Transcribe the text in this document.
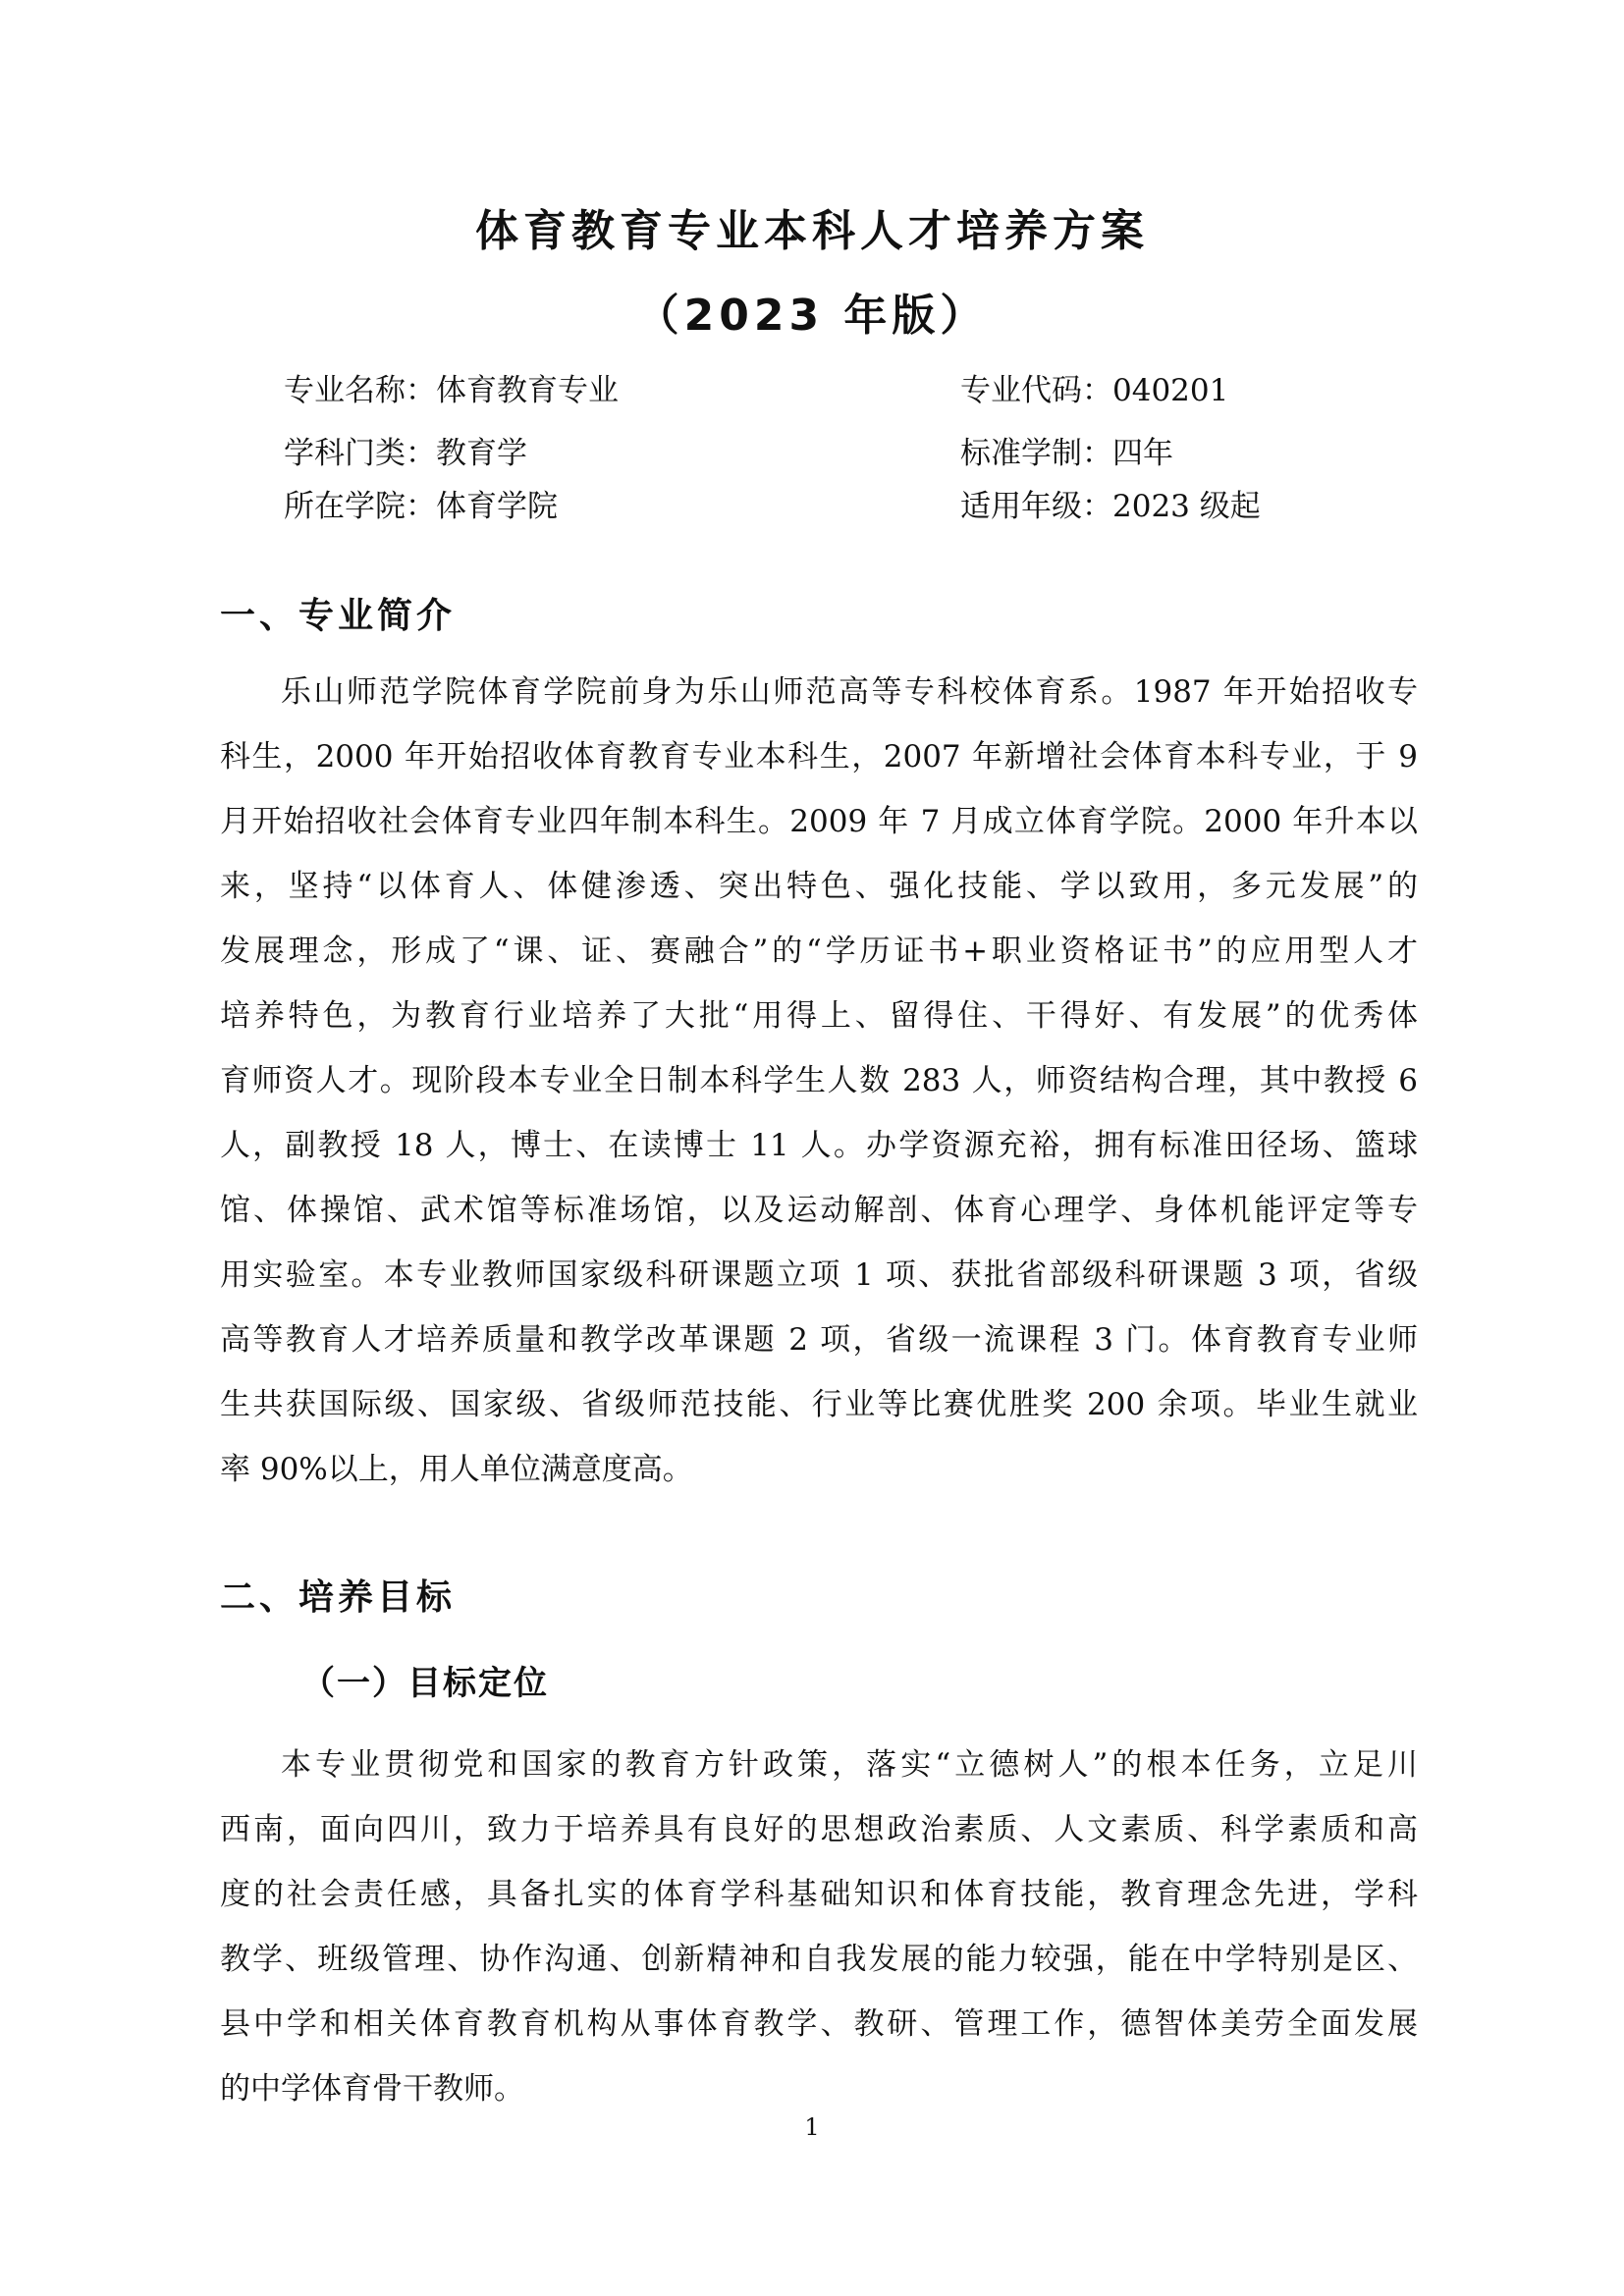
体育教育专业本科人才培养方案
（2023 年版）
专业名称：体育教育专业	专业代码：040201
学科门类：教育学	标准学制：四年
所在学院：体育学院	适用年级：2023 级起
一、专业简介
乐山师范学院体育学院前身为乐山师范高等专科校体育系。1987 年开始招收专
科生，2000 年开始招收体育教育专业本科生，2007 年新增社会体育本科专业，于 9
月开始招收社会体育专业四年制本科生。2009 年 7 月成立体育学院。2000 年升本以
来，坚持“以体育人、体健渗透、突出特色、强化技能、学以致用，多元发展”的
发展理念，形成了“课、证、赛融合”的“学历证书+职业资格证书”的应用型人才
培养特色，为教育行业培养了大批“用得上、留得住、干得好、有发展”的优秀体
育师资人才。现阶段本专业全日制本科学生人数 283 人，师资结构合理，其中教授 6
人，副教授 18 人，博士、在读博士 11 人。办学资源充裕，拥有标准田径场、篮球
馆、体操馆、武术馆等标准场馆，以及运动解剖、体育心理学、身体机能评定等专
用实验室。本专业教师国家级科研课题立项 1 项、获批省部级科研课题 3 项，省级
高等教育人才培养质量和教学改革课题 2 项，省级一流课程 3 门。体育教育专业师
生共获国际级、国家级、省级师范技能、行业等比赛优胜奖 200 余项。毕业生就业
率 90%以上，用人单位满意度高。
二、培养目标
（一）目标定位
本专业贯彻党和国家的教育方针政策，落实“立德树人”的根本任务，立足川
西南，面向四川，致力于培养具有良好的思想政治素质、人文素质、科学素质和高
度的社会责任感，具备扎实的体育学科基础知识和体育技能，教育理念先进，学科
教学、班级管理、协作沟通、创新精神和自我发展的能力较强，能在中学特别是区、
县中学和相关体育教育机构从事体育教学、教研、管理工作，德智体美劳全面发展
的中学体育骨干教师。
1
